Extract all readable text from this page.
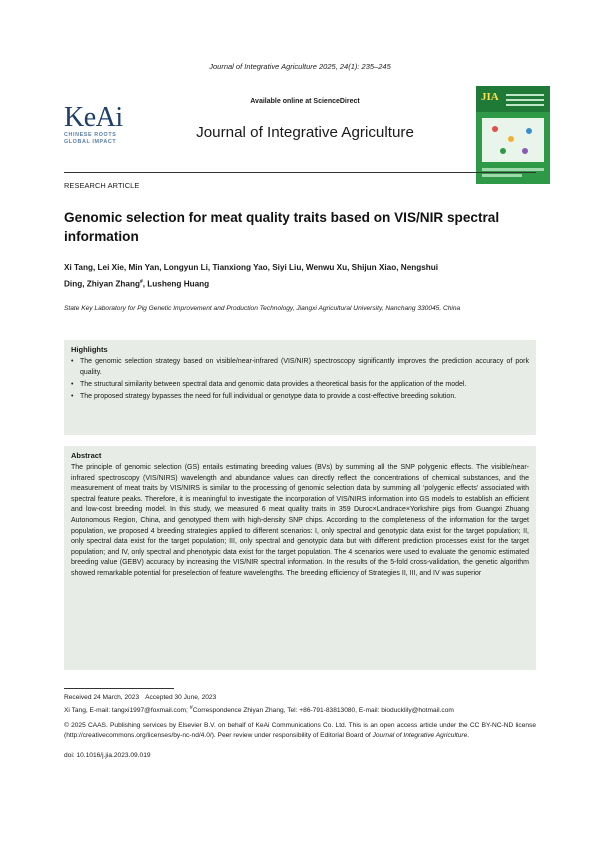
Journal of Integrative Agriculture 2025, 24(1): 235–245
KeAi
CHINESE ROOTS
GLOBAL IMPACT
Available online at ScienceDirect
Journal of Integrative Agriculture
JIA
RESEARCH ARTICLE
Genomic selection for meat quality traits based on VIS/NIR spectral information
Xi Tang, Lei Xie, Min Yan, Longyun Li, Tianxiong Yao, Siyi Liu, Wenwu Xu, Shijun Xiao, Nengshui
Ding, Zhiyan Zhang#, Lusheng Huang
State Key Laboratory for Pig Genetic Improvement and Production Technology, Jiangxi Agricultural University, Nanchang 330045, China
Highlights
• The genomic selection strategy based on visible/near-infrared (VIS/NIR) spectroscopy significantly improves the prediction accuracy of pork quality.
• The structural similarity between spectral data and genomic data provides a theoretical basis for the application of the model.
• The proposed strategy bypasses the need for full individual or genotype data to provide a cost-effective breeding solution.
Abstract
The principle of genomic selection (GS) entails estimating breeding values (BVs) by summing all the SNP polygenic effects. The visible/near-infrared spectroscopy (VIS/NIRS) wavelength and abundance values can directly reflect the concentrations of chemical substances, and the measurement of meat traits by VIS/NIRS is similar to the processing of genomic selection data by summing all ‘polygenic effects’ associated with spectral feature peaks. Therefore, it is meaningful to investigate the incorporation of VIS/NIRS information into GS models to establish an efficient and low-cost breeding model. In this study, we measured 6 meat quality traits in 359 Duroc×Landrace×Yorkshire pigs from Guangxi Zhuang Autonomous Region, China, and genotyped them with high-density SNP chips. According to the completeness of the information for the target population, we proposed 4 breeding strategies applied to different scenarios: I, only spectral and genotypic data exist for the target population; II, only spectral data exist for the target population; III, only spectral and genotypic data but with different prediction processes exist for the target population; and IV, only spectral and phenotypic data exist for the target population. The 4 scenarios were used to evaluate the genomic estimated breeding value (GEBV) accuracy by increasing the VIS/NIR spectral information. In the results of the 5-fold cross-validation, the genetic algorithm showed remarkable potential for preselection of feature wavelengths. The breeding efficiency of Strategies II, III, and IV was superior
Received 24 March, 2023 Accepted 30 June, 2023
Xi Tang, E-mail: tangxi1997@foxmail.com; #Correspondence Zhiyan Zhang, Tel: +86-791-83813080, E-mail: bioducklily@hotmail.com
© 2025 CAAS. Publishing services by Elsevier B.V. on behalf of KeAi Communications Co. Ltd. This is an open access article under the CC BY-NC-ND license (http://creativecommons.org/licenses/by-nc-nd/4.0/). Peer review under responsibility of Editorial Board of Journal of Integrative Agriculture.
doi: 10.1016/j.jia.2023.09.019
